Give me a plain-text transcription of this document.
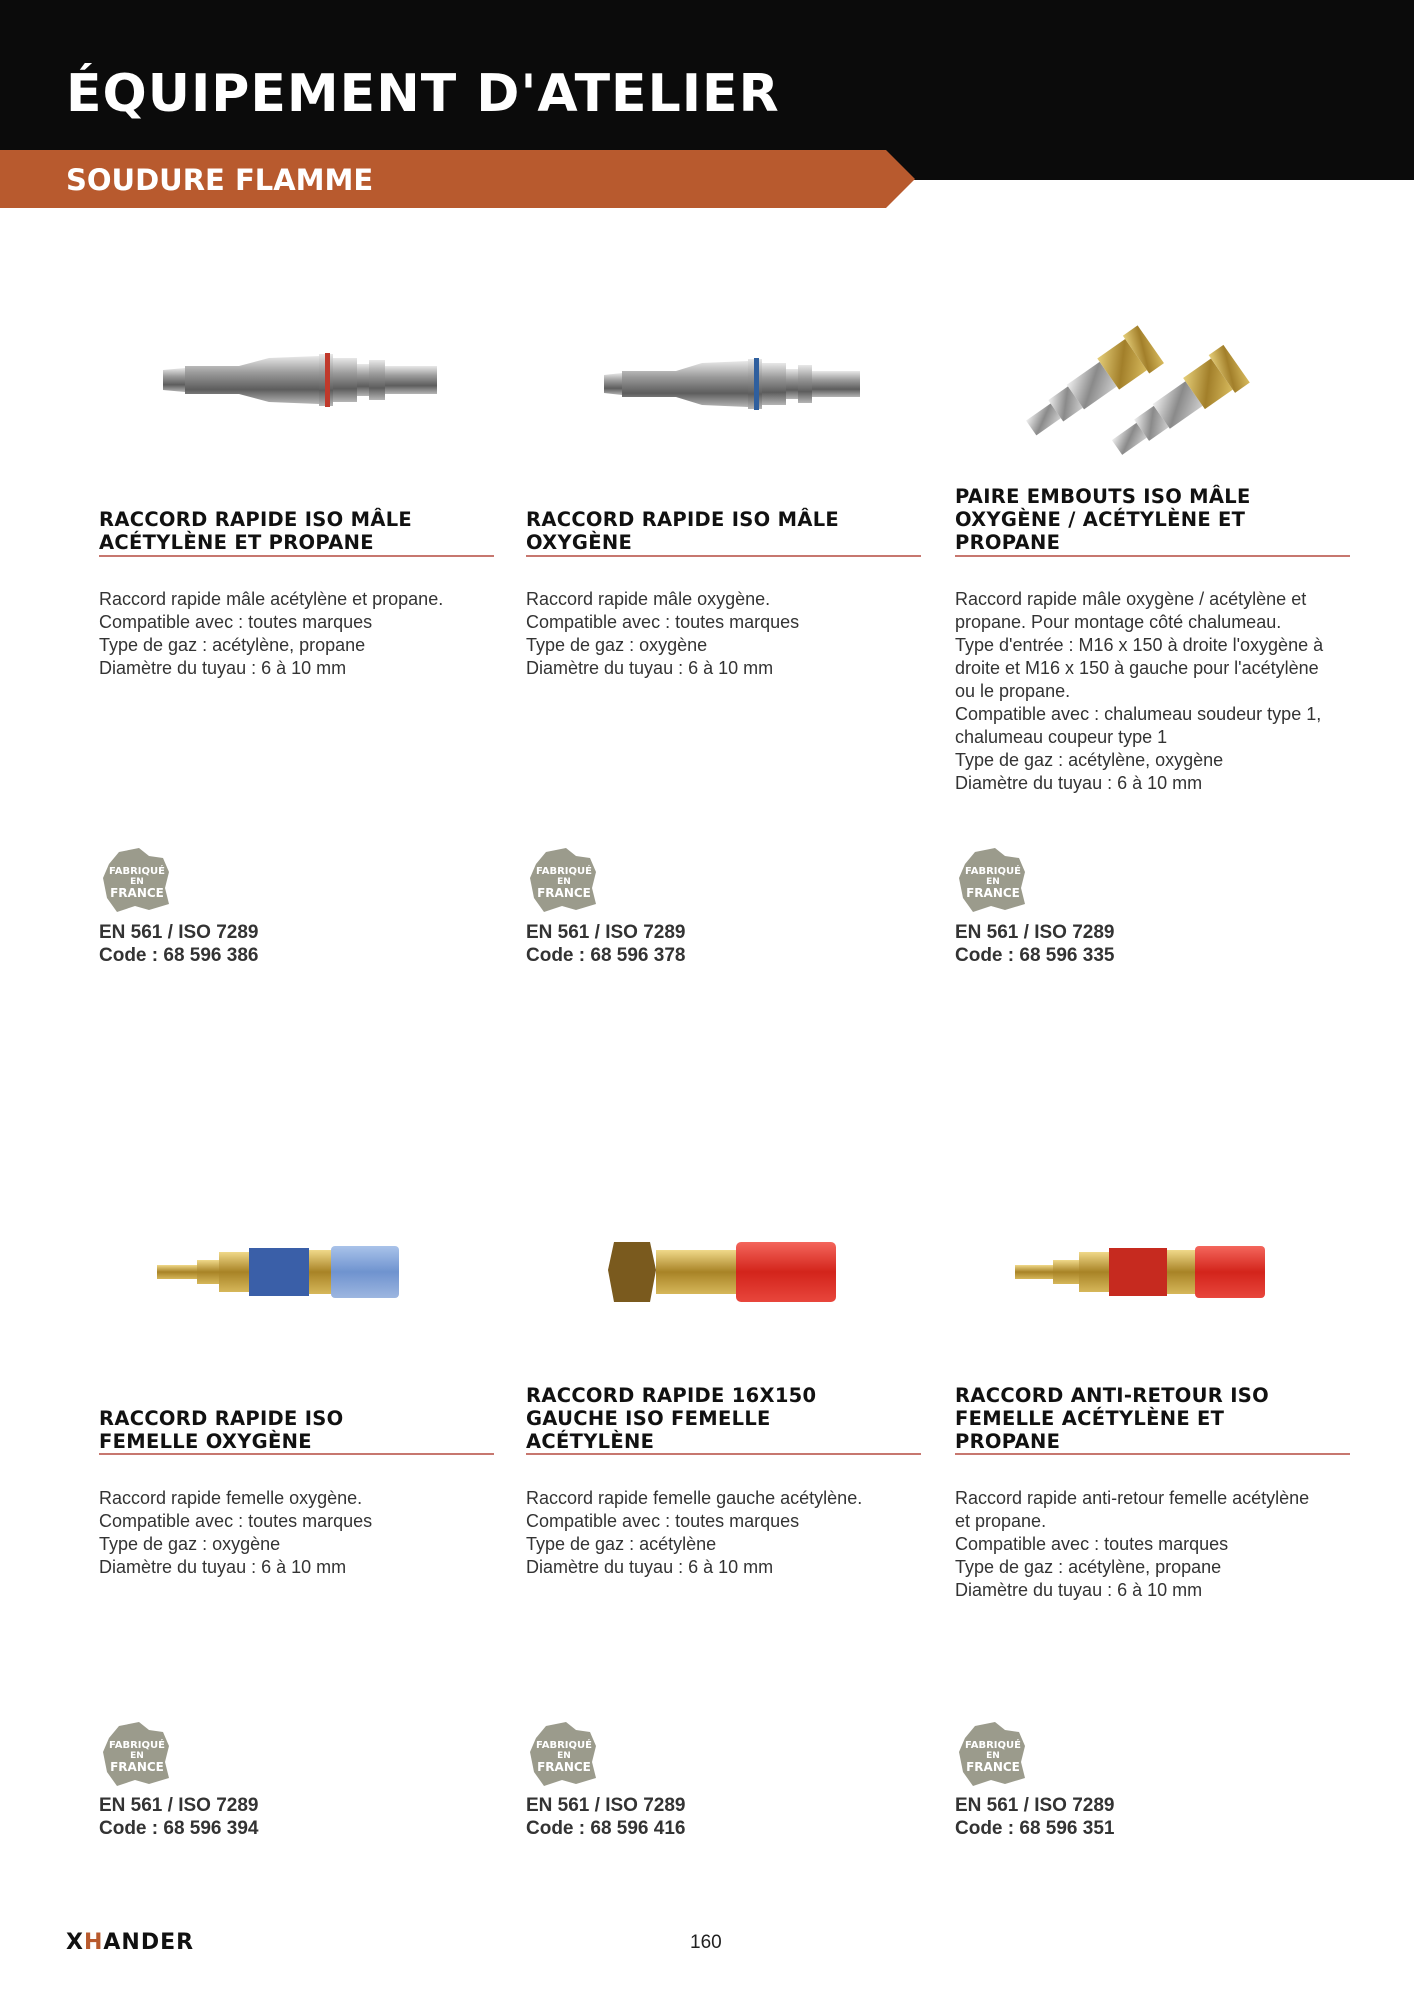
ÉQUIPEMENT D'ATELIER
SOUDURE FLAMME
RACCORD RAPIDE ISO MÂLE
ACÉTYLÈNE ET PROPANE
Raccord rapide mâle acétylène et propane.
Compatible avec : toutes marques
Type de gaz : acétylène, propane
Diamètre du tuyau : 6 à 10 mm
FABRIQUÉ
EN
FRANCE
EN 561 / ISO 7289
Code : 68 596 386
RACCORD RAPIDE ISO MÂLE
OXYGÈNE
Raccord rapide mâle oxygène.
Compatible avec : toutes marques
Type de gaz : oxygène
Diamètre du tuyau : 6 à 10 mm
FABRIQUÉ
EN
FRANCE
EN 561 / ISO 7289
Code : 68 596 378
PAIRE EMBOUTS ISO MÂLE
OXYGÈNE / ACÉTYLÈNE ET
PROPANE
Raccord rapide mâle oxygène / acétylène et
propane. Pour montage côté chalumeau.
Type d'entrée : M16 x 150 à droite l'oxygène à
droite et M16 x 150 à gauche pour l'acétylène
ou le propane.
Compatible avec : chalumeau soudeur type 1,
chalumeau coupeur type 1
Type de gaz : acétylène, oxygène
Diamètre du tuyau : 6 à 10 mm
FABRIQUÉ
EN
FRANCE
EN 561 / ISO 7289
Code : 68 596 335
RACCORD RAPIDE ISO
FEMELLE OXYGÈNE
Raccord rapide femelle oxygène.
Compatible avec : toutes marques
Type de gaz : oxygène
Diamètre du tuyau : 6 à 10 mm
FABRIQUÉ
EN
FRANCE
EN 561 / ISO 7289
Code : 68 596 394
RACCORD RAPIDE 16X150
GAUCHE ISO FEMELLE
ACÉTYLÈNE
Raccord rapide femelle gauche acétylène.
Compatible avec : toutes marques
Type de gaz : acétylène
Diamètre du tuyau : 6 à 10 mm
FABRIQUÉ
EN
FRANCE
EN 561 / ISO 7289
Code : 68 596 416
RACCORD ANTI-RETOUR ISO
FEMELLE ACÉTYLÈNE ET
PROPANE
Raccord rapide anti-retour femelle acétylène
et propane.
Compatible avec : toutes marques
Type de gaz : acétylène, propane
Diamètre du tuyau : 6 à 10 mm
FABRIQUÉ
EN
FRANCE
EN 561 / ISO 7289
Code : 68 596 351
XHANDER	160
